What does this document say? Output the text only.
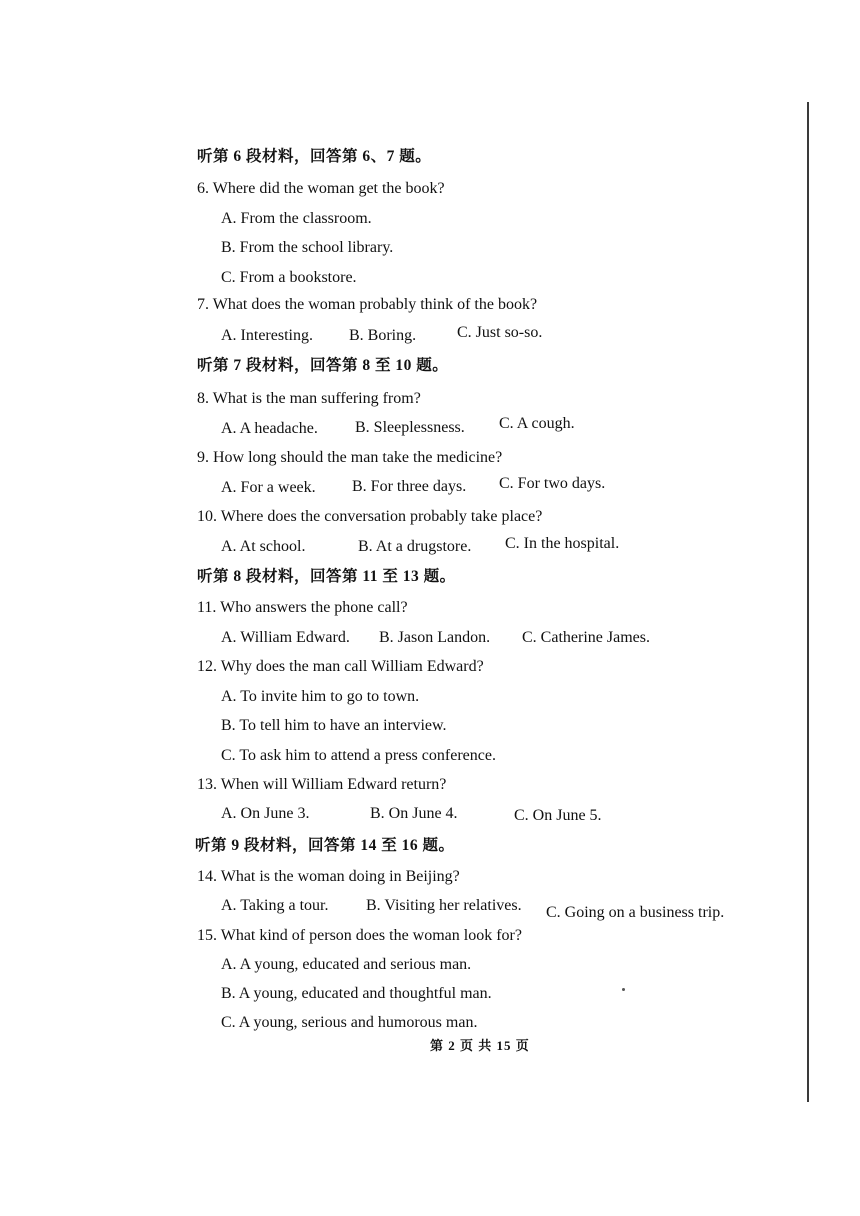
听第 6 段材料，回答第 6、7 题。
6. Where did the woman get the book?
A. From the classroom.
B. From the school library.
C. From a bookstore.
7. What does the woman probably think of the book?
A. Interesting. B. Boring.	C. Just so-so.
听第 7 段材料，回答第 8 至 10 题。
8. What is the man suffering from?
A. A headache. B. Sleeplessness. C. A cough.
9. How long should the man take the medicine?
A. For a week. B. For three days. C. For two days.
10. Where does the conversation probably take place?
A. At school.	B. At a drugstore. C. In the hospital.
听第 8 段材料，回答第 11 至 13 题。
11. Who answers the phone call?
A. William Edward. B. Jason Landon. C. Catherine James.
12. Why does the man call William Edward?
A. To invite him to go to town.
B. To tell him to have an interview.
C. To ask him to attend a press conference.
13. When will William Edward return?
A. On June 3.	B. On June 4.	C. On June 5.
听第 9 段材料，回答第 14 至 16 题。
14. What is the woman doing in Beijing?
A. Taking a tour. B. Visiting her relatives. C. Going on a business trip.
15. What kind of person does the woman look for?
A. A young, educated and serious man.
B. A young, educated and thoughtful man.
C. A young, serious and humorous man.
第 2 页 共 15 页
